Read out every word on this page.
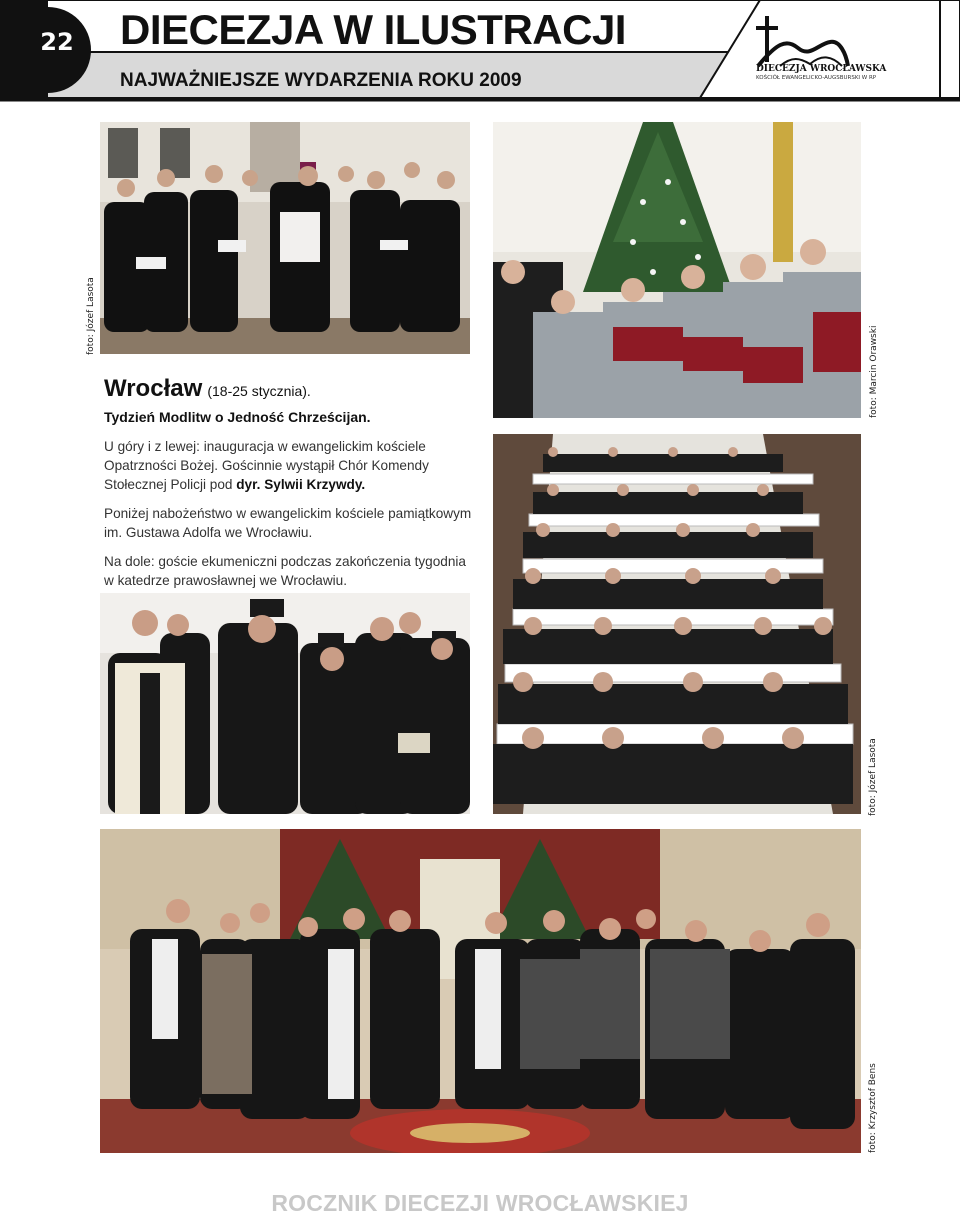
22	DIECEZJA W ILUSTRACJI
NAJWAŻNIEJSZE WYDARZENIA ROKU 2009
DIECEZJA WROCŁAWSKA
KOŚCIÓŁ EWANGELICKO-AUGSBURSKI W RP
foto: Józef Lasota
foto: Marcin Orawski
Wrocław (18-25 stycznia).
Tydzień Modlitw o Jedność Chrześcijan.

U góry i z lewej: inauguracja w ewangelickim kościele Opatrzności Bożej. Gościnnie wystąpił Chór Komendy Stołecznej Policji pod dyr. Sylwii Krzywdy.

Poniżej nabożeństwo w ewangelickim kościele pamiątkowym im. Gustawa Adolfa we Wrocławiu.

Na dole: goście ekumeniczni podczas zakończenia tygodnia w katedrze prawosławnej we Wrocławiu.

foto: Józef Lasota
foto: Krzysztof Bens
ROCZNIK DIECEZJI WROCŁAWSKIEJ
